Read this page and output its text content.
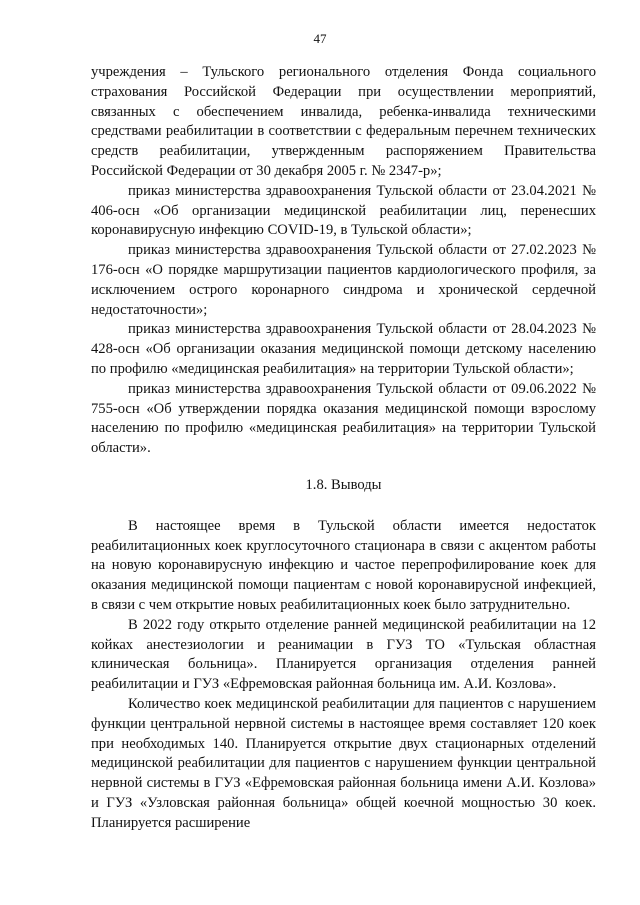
47

учреждения – Тульского регионального отделения Фонда социального страхования Российской Федерации при осуществлении мероприятий, связанных с обеспечением инвалида, ребенка-инвалида техническими средствами реабилитации в соответствии с федеральным перечнем технических средств реабилитации, утвержденным распоряжением Правительства Российской Федерации от 30 декабря 2005 г. № 2347-р»;

приказ министерства здравоохранения Тульской области от 23.04.2021 № 406-осн «Об организации медицинской реабилитации лиц, перенесших коронавирусную инфекцию COVID-19, в Тульской области»;

приказ министерства здравоохранения Тульской области от 27.02.2023 № 176-осн «О порядке маршрутизации пациентов кардиологического профиля, за исключением острого коронарного синдрома и хронической сердечной недостаточности»;

приказ министерства здравоохранения Тульской области от 28.04.2023 № 428-осн «Об организации оказания медицинской помощи детскому населению по профилю «медицинская реабилитация» на территории Тульской области»;

приказ министерства здравоохранения Тульской области от 09.06.2022 № 755-осн «Об утверждении порядка оказания медицинской помощи взрослому населению по профилю «медицинская реабилитация» на территории Тульской области».

1.8. Выводы

В настоящее время в Тульской области имеется недостаток реабилитационных коек круглосуточного стационара в связи с акцентом работы на новую коронавирусную инфекцию и частое перепрофилирование коек для оказания медицинской помощи пациентам с новой коронавирусной инфекцией, в связи с чем открытие новых реабилитационных коек было затруднительно.

В 2022 году открыто отделение ранней медицинской реабилитации на 12 койках анестезиологии и реанимации в ГУЗ ТО «Тульская областная клиническая больница». Планируется организация отделения ранней реабилитации и ГУЗ «Ефремовская районная больница им. А.И. Козлова».

Количество коек медицинской реабилитации для пациентов с нарушением функции центральной нервной системы в настоящее время составляет 120 коек при необходимых 140. Планируется открытие двух стационарных отделений медицинской реабилитации для пациентов с нарушением функции центральной нервной системы в ГУЗ «Ефремовская районная больница имени А.И. Козлова» и ГУЗ «Узловская районная больница» общей коечной мощностью 30 коек. Планируется расширение
